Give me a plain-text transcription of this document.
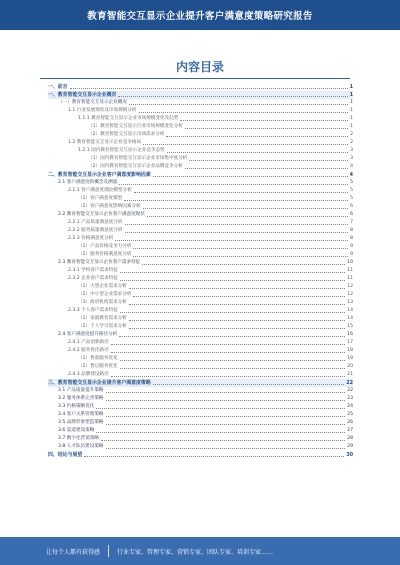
教育智能交互显示企业提升客户满意度策略研究报告
内容目录
一、前言	1
一、教育智能交互显示企业概况	1
（一）教育智能交互显示企业概况	1
1.1 行业发展现状及市场规模分析	1
1.1.1 教育智能交互显示企业市场规模变化及趋势	1
（1）教育智能交互显示行业市场规模变化分析	1
（2）教育智能交互显示市场需求分析	2
1.2 教育智能交互显示企业竞争格局	2
1.2.1 国内教育智能交互显示企业竞争态势	3
（1）国内教育智能交互显示企业市场集中度分析	3
（2）国内教育智能交互显示企业品牌竞争分析	4
二、教育智能交互显示企业客户满意度影响因素	4
2.1 客户满意度的概念及测量	5
2.1.1 客户满意度理论模型分析	5
（1）客户满意度模型	5
（2）客户满意度影响因素分析	6
2.2 教育智能交互显示企业客户满意度现状	6
2.2.1 产品质量满意度分析	7
2.2.2 服务质量满意度分析	8
2.2.3 价格满意度分析	8
（1）产品价格竞争力分析	9
（2）服务价格满意度分析	9
2.3 教育智能交互显示企业客户需求特征	10
2.3.1 学校客户需求特征	11
2.3.2 企业客户需求特征	11
（1）大型企业需求分析	12
（2）中小型企业需求分析	12
（3）政府机构需求分析	13
2.3.3 个人客户需求特征	14
（1）家庭教育需求分析	14
（2）个人学习需求分析	15
2.4 客户满意度提升路径分析	16
2.4.1 产品创新路径	17
2.4.2 服务优化路径	18
（1）售前服务优化	19
（2）售后服务优化	20
2.4.3 品牌建设路径	21
三、教育智能交互显示企业提升客户满意度策略	22
3.1 产品质量提升策略	22
3.2 服务体系完善策略	23
3.3 价格策略优化	24
3.4 客户关系管理策略	25
3.5 品牌形象塑造策略	26
3.6 渠道建设策略	27
3.7 数字化营销策略	28
3.8 人才队伍建设策略	29
四、结论与展望	30
让每个人都有获得感	行业专家、管理专家、营销专家、团队专家、培训专家……
